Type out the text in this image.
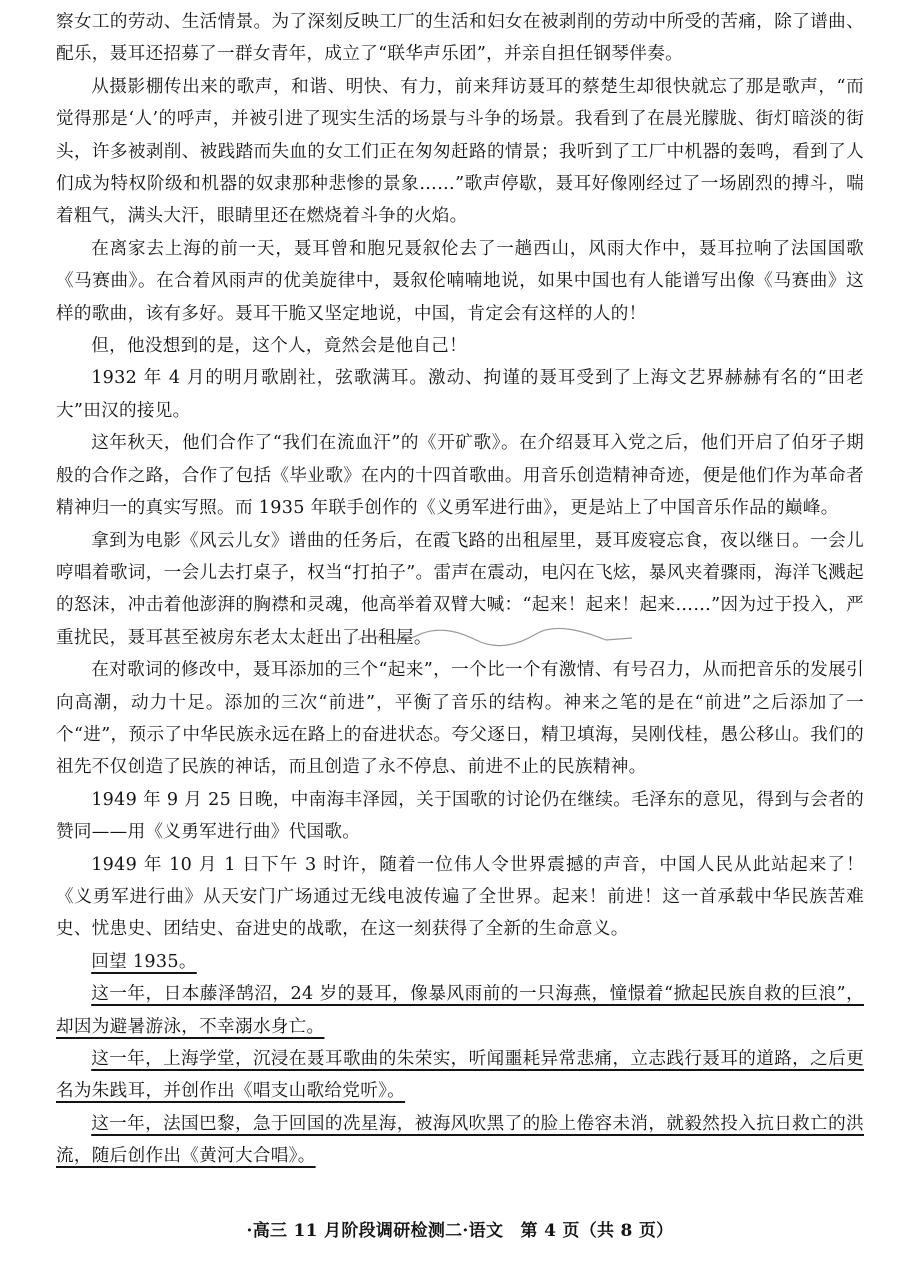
察女工的劳动、生活情景。为了深刻反映工厂的生活和妇女在被剥削的劳动中所受的苦痛，除了谱曲、配乐，聂耳还招募了一群女青年，成立了“联华声乐团”，并亲自担任钢琴伴奏。

从摄影棚传出来的歌声，和谐、明快、有力，前来拜访聂耳的蔡楚生却很快就忘了那是歌声，“而觉得那是‘人’的呼声，并被引进了现实生活的场景与斗争的场景。我看到了在晨光朦胧、街灯暗淡的街头，许多被剥削、被践踏而失血的女工们正在匆匆赶路的情景；我听到了工厂中机器的轰鸣，看到了人们成为特权阶级和机器的奴隶那种悲惨的景象……”歌声停歇，聂耳好像刚经过了一场剧烈的搏斗，喘着粗气，满头大汗，眼睛里还在燃烧着斗争的火焰。

在离家去上海的前一天，聂耳曾和胞兄聂叙伦去了一趟西山，风雨大作中，聂耳拉响了法国国歌《马赛曲》。在合着风雨声的优美旋律中，聂叙伦喃喃地说，如果中国也有人能谱写出像《马赛曲》这样的歌曲，该有多好。聂耳干脆又坚定地说，中国，肯定会有这样的人的！

但，他没想到的是，这个人，竟然会是他自己！

1932 年 4 月的明月歌剧社，弦歌满耳。激动、拘谨的聂耳受到了上海文艺界赫赫有名的“田老大”田汉的接见。

这年秋天，他们合作了“我们在流血汗”的《开矿歌》。在介绍聂耳入党之后，他们开启了伯牙子期般的合作之路，合作了包括《毕业歌》在内的十四首歌曲。用音乐创造精神奇迹，便是他们作为革命者精神归一的真实写照。而 1935 年联手创作的《义勇军进行曲》，更是站上了中国音乐作品的巅峰。

拿到为电影《风云儿女》谱曲的任务后，在霞飞路的出租屋里，聂耳废寝忘食，夜以继日。一会儿哼唱着歌词，一会儿去打桌子，权当“打拍子”。雷声在震动，电闪在飞炫，暴风夹着骤雨，海洋飞溅起的怒沫，冲击着他澎湃的胸襟和灵魂，他高举着双臂大喊：“起来！起来！起来……”因为过于投入，严重扰民，聂耳甚至被房东老太太赶出了出租屋。

在对歌词的修改中，聂耳添加的三个“起来”，一个比一个有激情、有号召力，从而把音乐的发展引向高潮，动力十足。添加的三次“前进”，平衡了音乐的结构。神来之笔的是在“前进”之后添加了一个“进”，预示了中华民族永远在路上的奋进状态。夸父逐日，精卫填海，吴刚伐桂，愚公移山。我们的祖先不仅创造了民族的神话，而且创造了永不停息、前进不止的民族精神。

1949 年 9 月 25 日晚，中南海丰泽园，关于国歌的讨论仍在继续。毛泽东的意见，得到与会者的赞同——用《义勇军进行曲》代国歌。

1949 年 10 月 1 日下午 3 时许，随着一位伟人令世界震撼的声音，中国人民从此站起来了！《义勇军进行曲》从天安门广场通过无线电波传遍了全世界。起来！前进！这一首承载中华民族苦难史、忧患史、团结史、奋进史的战歌，在这一刻获得了全新的生命意义。

回望 1935。

这一年，日本藤泽鹄沼，24 岁的聂耳，像暴风雨前的一只海燕，憧憬着“掀起民族自救的巨浪”，却因为避暑游泳，不幸溺水身亡。

这一年，上海学堂，沉浸在聂耳歌曲的朱荣实，听闻噩耗异常悲痛，立志践行聂耳的道路，之后更名为朱践耳，并创作出《唱支山歌给党听》。

这一年，法国巴黎，急于回国的冼星海，被海风吹黑了的脸上倦容未消，就毅然投入抗日救亡的洪流，随后创作出《黄河大合唱》。

·高三 11 月阶段调研检测二·语文　第 4 页（共 8 页）
